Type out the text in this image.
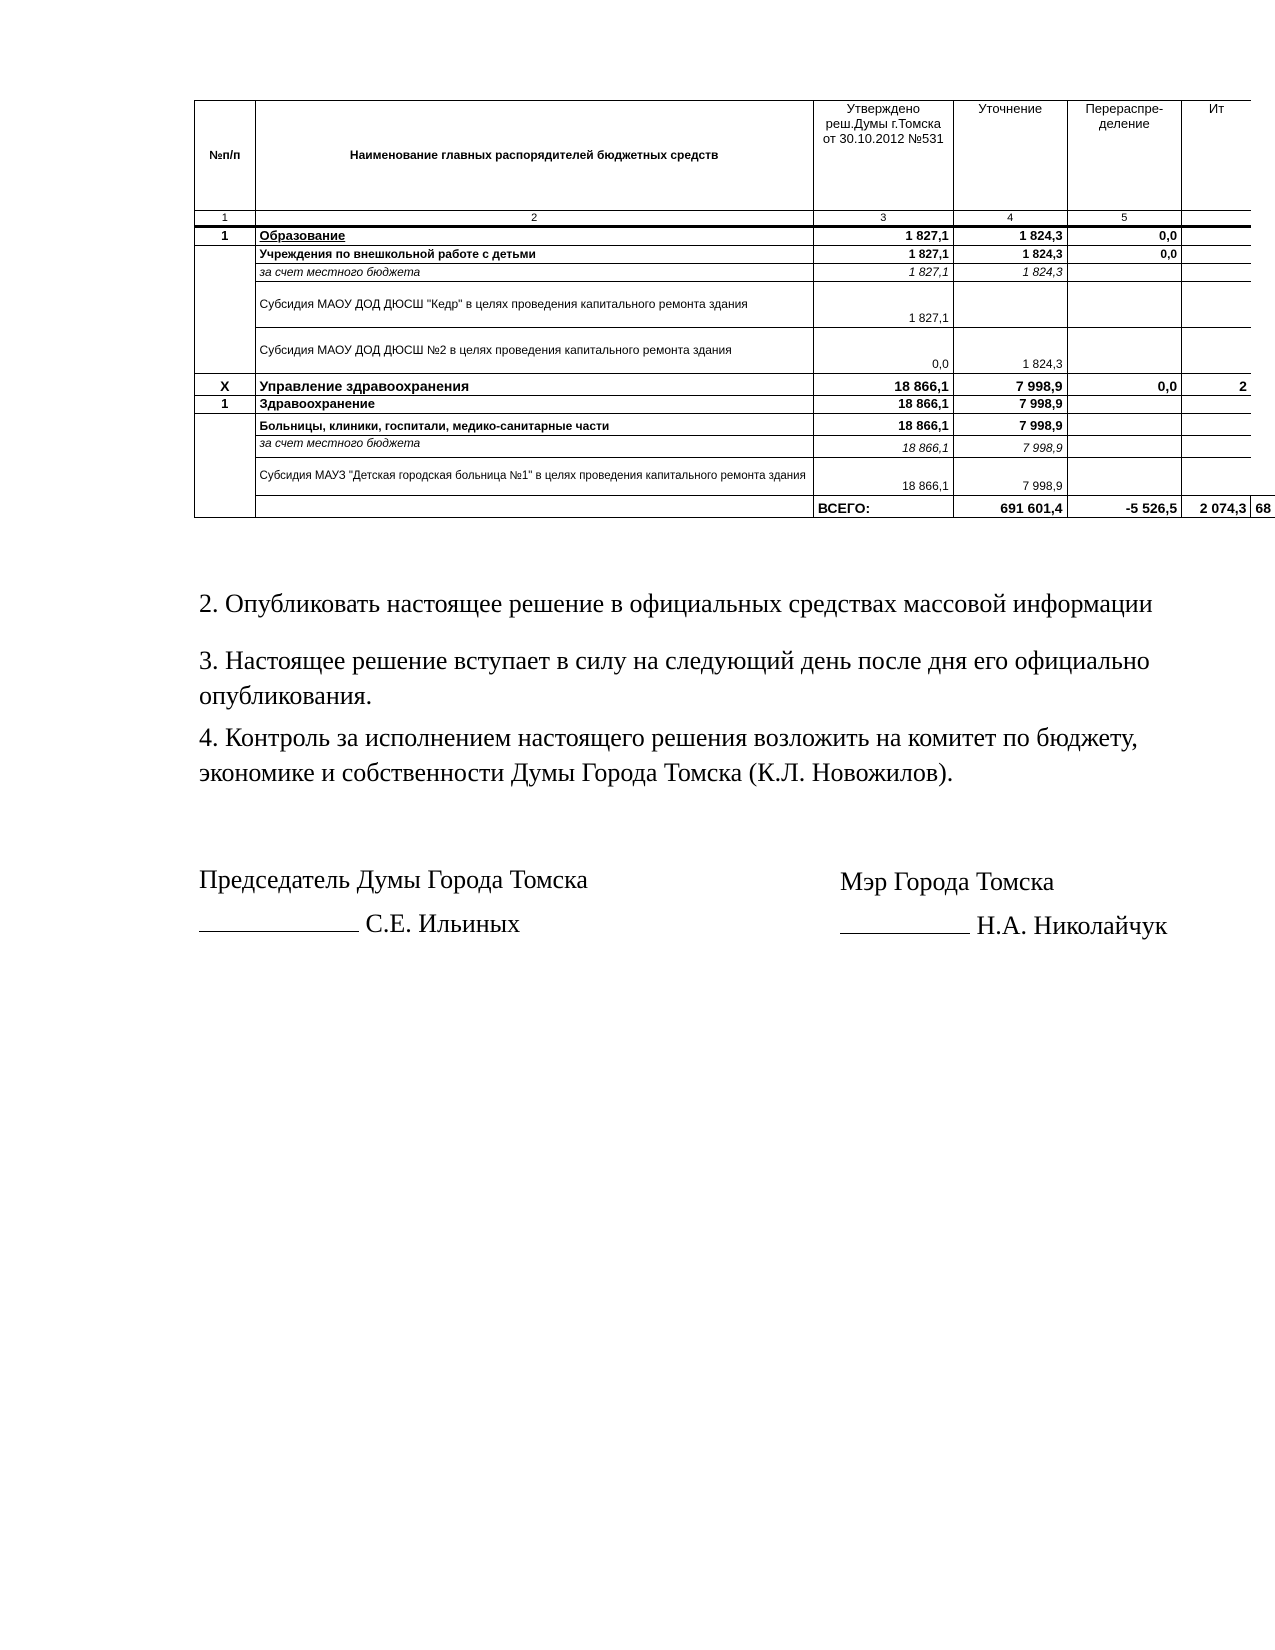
№п/п	Наименование главных распорядителей бюджетных средств	Утверждено реш.Думы г.Томска от 30.10.2012 №531	Уточнение	Перераспре-деление	Ит	
1	2	3	4	5		
1	Образование	1 827,1	1 824,3	0,0		
	Учреждения по внешкольной работе с детьми	1 827,1	1 824,3	0,0		
	за счет местного бюджета	1 827,1	1 824,3			
	Субсидия МАОУ ДОД ДЮСШ "Кедр" в целях проведения капитального ремонта здания	1 827,1				
	Субсидия МАОУ ДОД ДЮСШ №2 в целях проведения капитального ремонта здания	0,0	1 824,3			
X	Управление здравоохранения	18 866,1	7 998,9	0,0	2	
1	Здравоохранение	18 866,1	7 998,9			
	Больницы, клиники, госпитали, медико-санитарные части	18 866,1	7 998,9			
	за счет местного бюджета	18 866,1	7 998,9			
	Субсидия МАУЗ "Детская городская больница №1" в целях проведения капитального ремонта здания	18 866,1	7 998,9			
		ВСЕГО:	691 601,4	-5 526,5	2 074,3	68
2. Опубликовать настоящее решение в официальных средствах массовой информации
3. Настоящее решение вступает в силу на следующий день после дня его официально
опубликования.
4. Контроль за исполнением настоящего решения возложить на комитет по бюджету,
экономике и собственности Думы Города Томска (К.Л. Новожилов).
Председатель Думы Города Томска
С.Е. Ильиных
Мэр Города Томска
Н.А. Николайчук
